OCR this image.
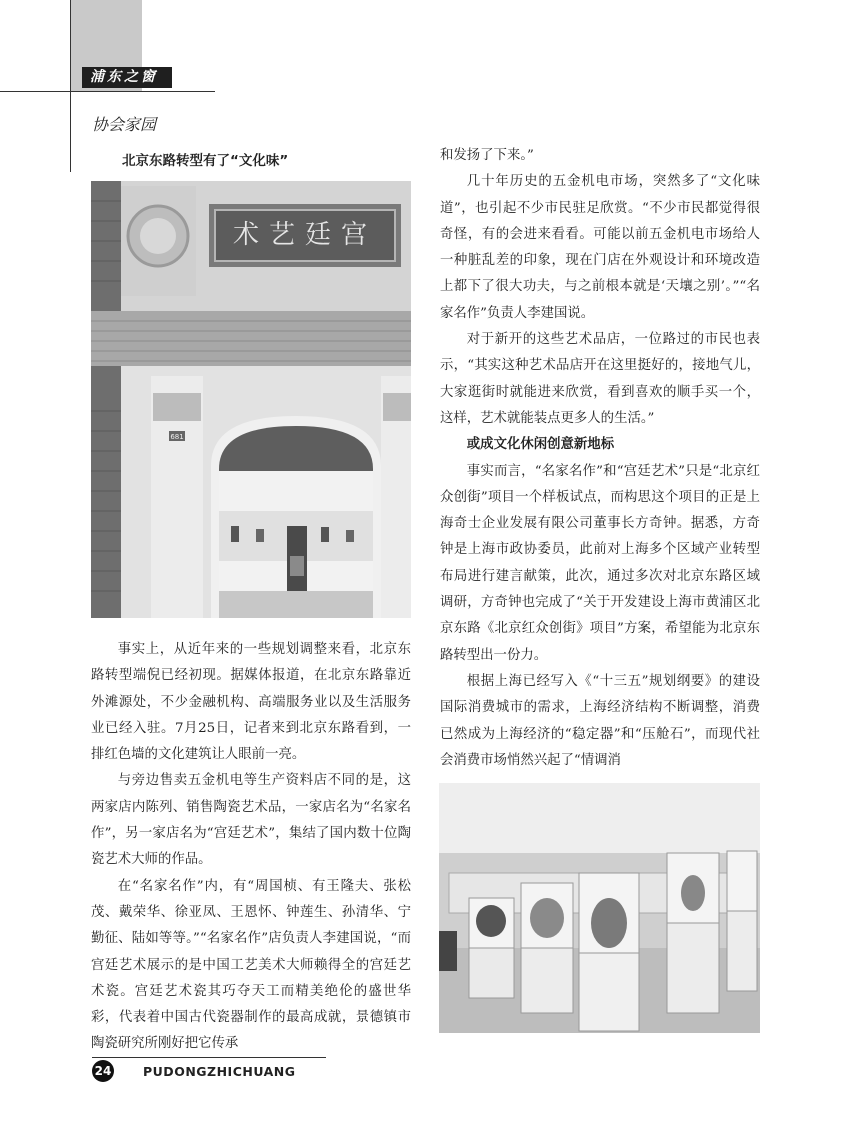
浦东之窗
协会家园
北京东路转型有了“文化味”
术艺廷宫
681

事实上，从近年来的一些规划调整来看，北京东路转型端倪已经初现。据媒体报道，在北京东路靠近外滩源处，不少金融机构、高端服务业以及生活服务业已经入驻。7月25日，记者来到北京东路看到，一排红色墙的文化建筑让人眼前一亮。

与旁边售卖五金机电等生产资料店不同的是，这两家店内陈列、销售陶瓷艺术品，一家店名为“名家名作”，另一家店名为“宫廷艺术”，集结了国内数十位陶瓷艺术大师的作品。

在“名家名作”内，有“周国桢、有王隆夫、张松茂、戴荣华、徐亚凤、王恩怀、钟莲生、孙清华、宁勤征、陆如等等。”“名家名作”店负责人李建国说，“而宫廷艺术展示的是中国工艺美术大师赖得全的宫廷艺术瓷。宫廷艺术瓷其巧夺天工而精美绝伦的盛世华彩，代表着中国古代瓷器制作的最高成就，景德镇市陶瓷研究所刚好把它传承

和发扬了下来。”

几十年历史的五金机电市场，突然多了“文化味道”，也引起不少市民驻足欣赏。“不少市民都觉得很奇怪，有的会进来看看。可能以前五金机电市场给人一种脏乱差的印象，现在门店在外观设计和环境改造上都下了很大功夫，与之前根本就是‘天壤之别’。”“名家名作”负责人李建国说。

对于新开的这些艺术品店，一位路过的市民也表示，“其实这种艺术品店开在这里挺好的，接地气儿，大家逛街时就能进来欣赏，看到喜欢的顺手买一个，这样，艺术就能装点更多人的生活。”

或成文化休闲创意新地标

事实而言，“名家名作”和“宫廷艺术”只是“北京红众创街”项目一个样板试点，而构思这个项目的正是上海奇士企业发展有限公司董事长方奇钟。据悉，方奇钟是上海市政协委员，此前对上海多个区域产业转型布局进行建言献策，此次，通过多次对北京东路区域调研，方奇钟也完成了“关于开发建设上海市黄浦区北京东路《北京红众创街》项目”方案，希望能为北京东路转型出一份力。

根据上海已经写入《“十三五”规划纲要》的建设国际消费城市的需求，上海经济结构不断调整，消费已然成为上海经济的“稳定器”和“压舱石”，而现代社会消费市场悄然兴起了“情调消

24	PUDONGZHICHUANG
